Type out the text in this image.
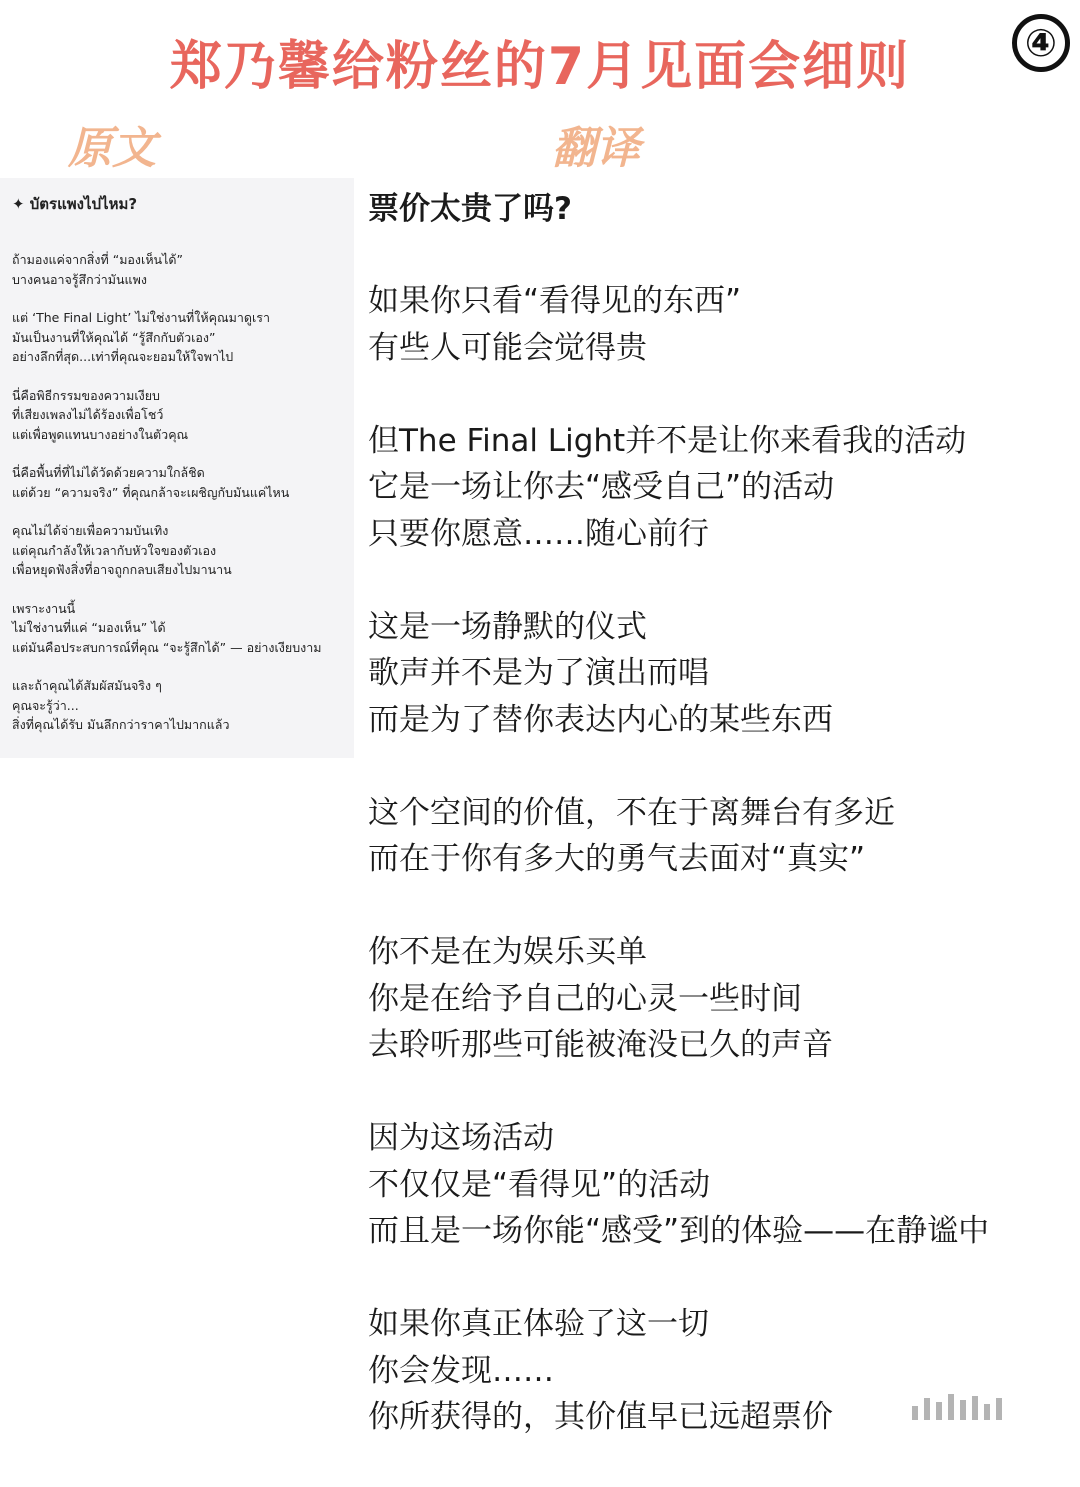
郑乃馨给粉丝的7月见面会细则	④
原文	翻译
✦ บัตรแพงไปไหม?
ถ้ามองแค่จากสิ่งที่ “มองเห็นได้”
บางคนอาจรู้สึกว่ามันแพง
แต่ ‘The Final Light’ ไม่ใช่งานที่ให้คุณมาดูเรา
มันเป็นงานที่ให้คุณได้ “รู้สึกกับตัวเอง”
อย่างลึกที่สุด...เท่าที่คุณจะยอมให้ใจพาไป
นี่คือพิธีกรรมของความเงียบ
ที่เสียงเพลงไม่ได้ร้องเพื่อโชว์
แต่เพื่อพูดแทนบางอย่างในตัวคุณ
นี่คือพื้นที่ที่ไม่ได้วัดด้วยความใกล้ชิด
แต่ด้วย “ความจริง” ที่คุณกล้าจะเผชิญกับมันแค่ไหน
คุณไม่ได้จ่ายเพื่อความบันเทิง
แต่คุณกำลังให้เวลากับหัวใจของตัวเอง
เพื่อหยุดฟังสิ่งที่อาจถูกกลบเสียงไปมานาน
เพราะงานนี้
ไม่ใช่งานที่แค่ “มองเห็น” ได้
แต่มันคือประสบการณ์ที่คุณ “จะรู้สึกได้” — อย่างเงียบงาม
และถ้าคุณได้สัมผัสมันจริง ๆ
คุณจะรู้ว่า...
สิ่งที่คุณได้รับ มันลึกกว่าราคาไปมากแล้ว
票价太贵了吗?
如果你只看“看得见的东西”
有些人可能会觉得贵
但The Final Light并不是让你来看我的活动
它是一场让你去“感受自己”的活动
只要你愿意……随心前行
这是一场静默的仪式
歌声并不是为了演出而唱
而是为了替你表达内心的某些东西
这个空间的价值，不在于离舞台有多近
而在于你有多大的勇气去面对“真实”
你不是在为娱乐买单
你是在给予自己的心灵一些时间
去聆听那些可能被淹没已久的声音
因为这场活动
不仅仅是“看得见”的活动
而且是一场你能“感受”到的体验——在静谧中
如果你真正体验了这一切
你会发现……
你所获得的，其价值早已远超票价
